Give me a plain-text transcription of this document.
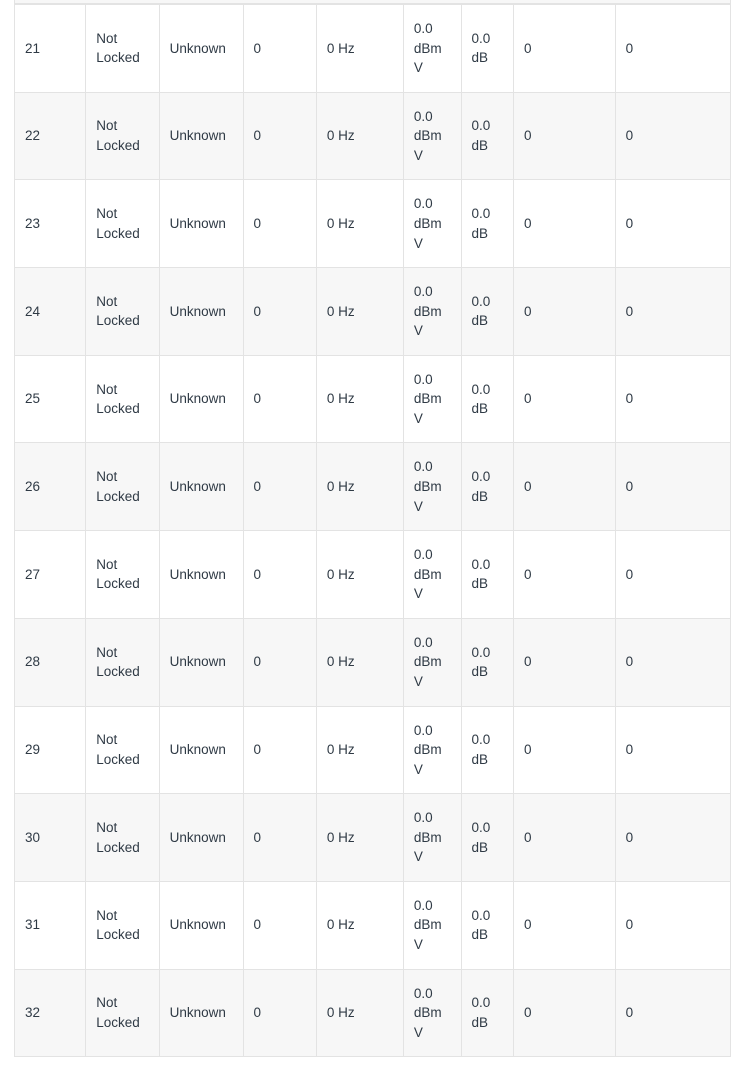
21	Not Locked	Unknown	0	0 Hz	0.0 dBmV	0.0 dB	0	0
22	Not Locked	Unknown	0	0 Hz	0.0 dBmV	0.0 dB	0	0
23	Not Locked	Unknown	0	0 Hz	0.0 dBmV	0.0 dB	0	0
24	Not Locked	Unknown	0	0 Hz	0.0 dBmV	0.0 dB	0	0
25	Not Locked	Unknown	0	0 Hz	0.0 dBmV	0.0 dB	0	0
26	Not Locked	Unknown	0	0 Hz	0.0 dBmV	0.0 dB	0	0
27	Not Locked	Unknown	0	0 Hz	0.0 dBmV	0.0 dB	0	0
28	Not Locked	Unknown	0	0 Hz	0.0 dBmV	0.0 dB	0	0
29	Not Locked	Unknown	0	0 Hz	0.0 dBmV	0.0 dB	0	0
30	Not Locked	Unknown	0	0 Hz	0.0 dBmV	0.0 dB	0	0
31	Not Locked	Unknown	0	0 Hz	0.0 dBmV	0.0 dB	0	0
32	Not Locked	Unknown	0	0 Hz	0.0 dBmV	0.0 dB	0	0
